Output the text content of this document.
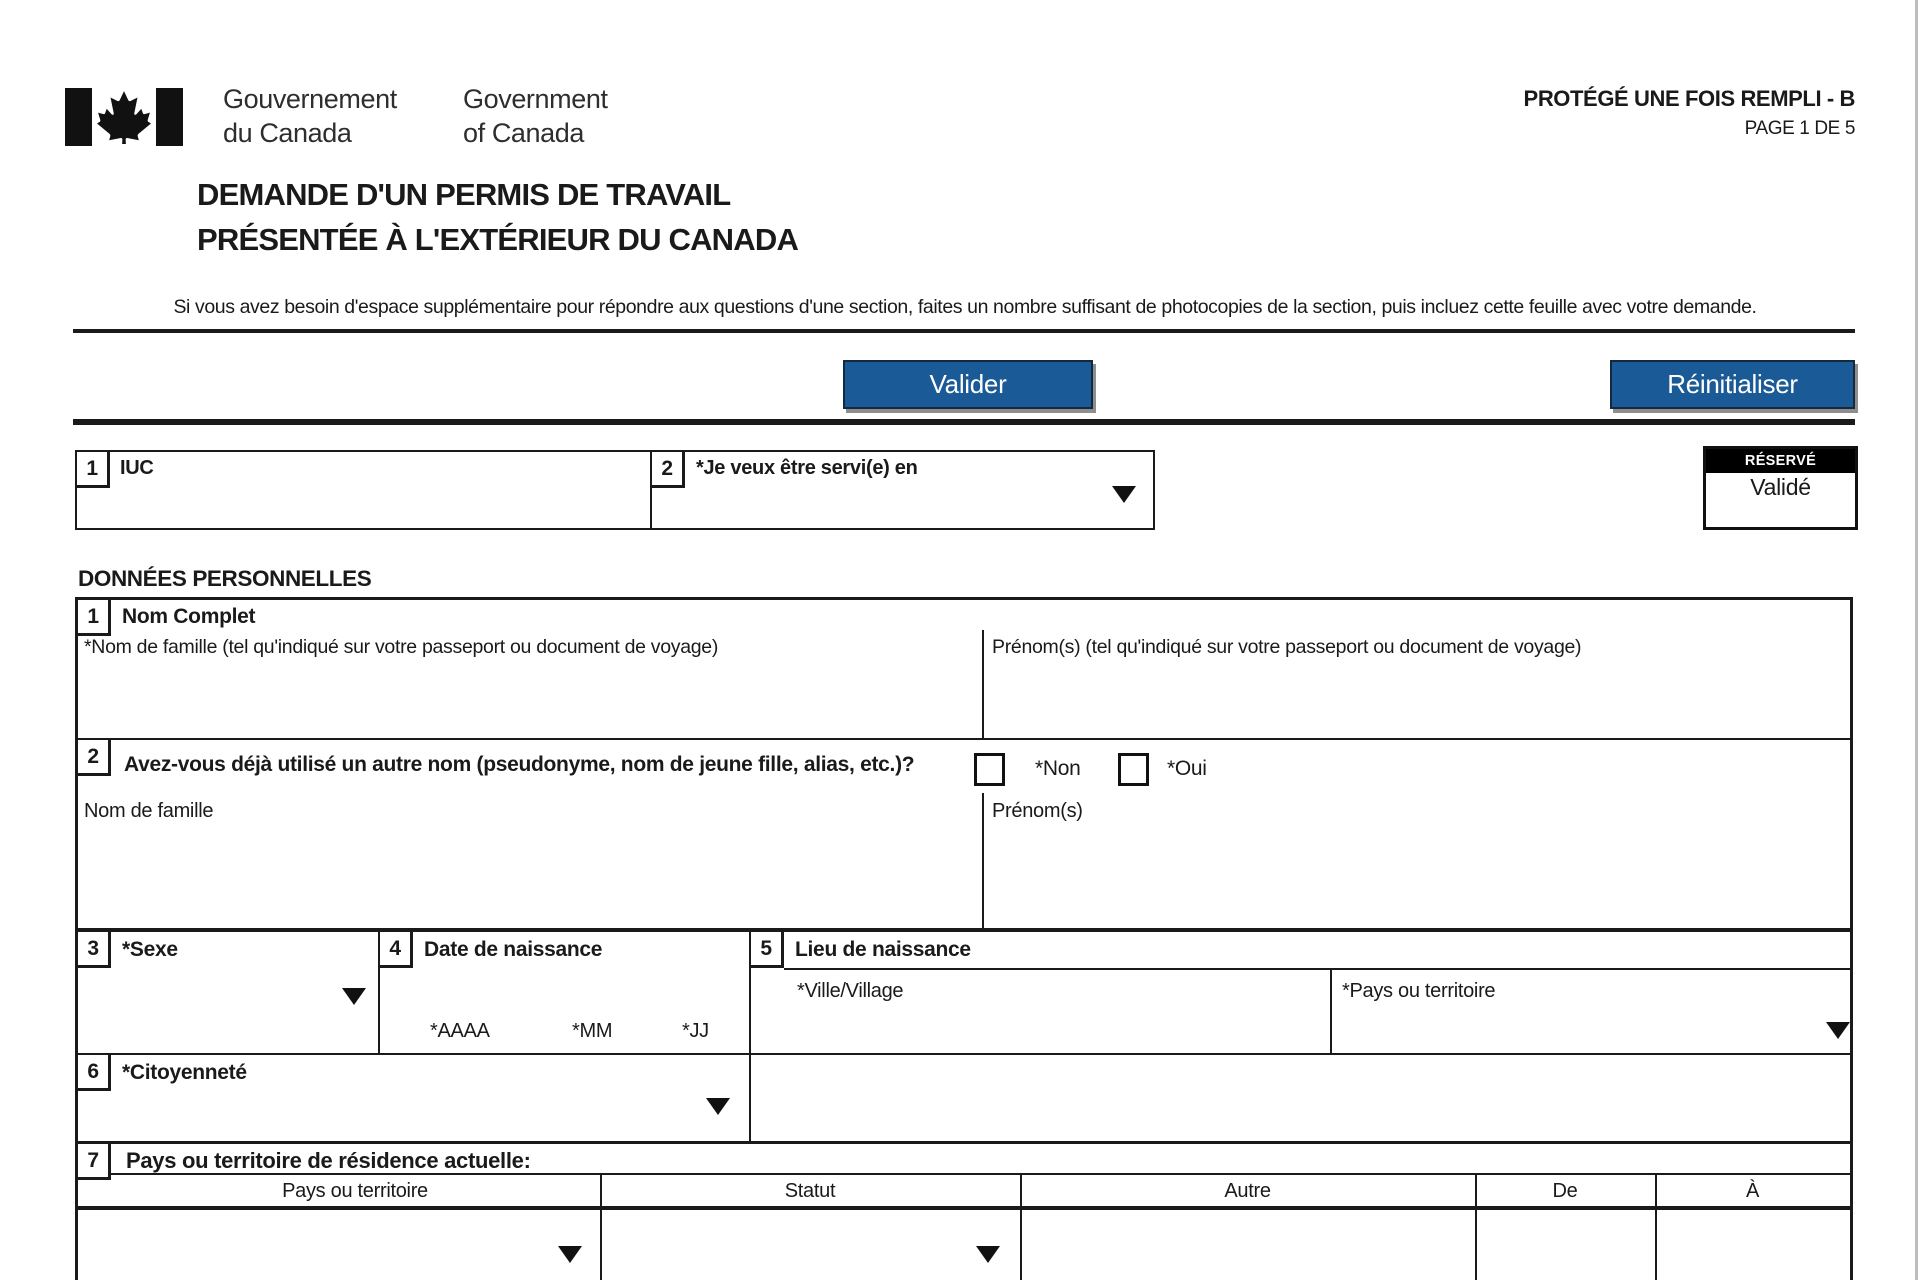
Gouvernement
du Canada
Government
of Canada
PROTÉGÉ UNE FOIS REMPLI - B
PAGE 1 DE 5
DEMANDE D'UN PERMIS DE TRAVAIL
PRÉSENTÉE À L'EXTÉRIEUR DU CANADA
Si vous avez besoin d'espace supplémentaire pour répondre aux questions d'une section, faites un nombre suffisant de photocopies de la section, puis incluez cette feuille avec votre demande.
Valider	Réinitialiser
1	IUC	2	*Je veux être servi(e) en	RÉSERVÉ
Validé
DONNÉES PERSONNELLES
1	Nom Complet
*Nom de famille (tel qu'indiqué sur votre passeport ou document de voyage)	Prénom(s) (tel qu'indiqué sur votre passeport ou document de voyage)
2	Avez-vous déjà utilisé un autre nom (pseudonyme, nom de jeune fille, alias, etc.)?	*Non	*Oui
Nom de famille	Prénom(s)
3	*Sexe	4	Date de naissance
*AAAA	*MM	*JJ
5	Lieu de naissance
*Ville/Village	*Pays ou territoire
6	*Citoyenneté
7	Pays ou territoire de résidence actuelle:
Pays ou territoire	Statut	Autre	De	À
